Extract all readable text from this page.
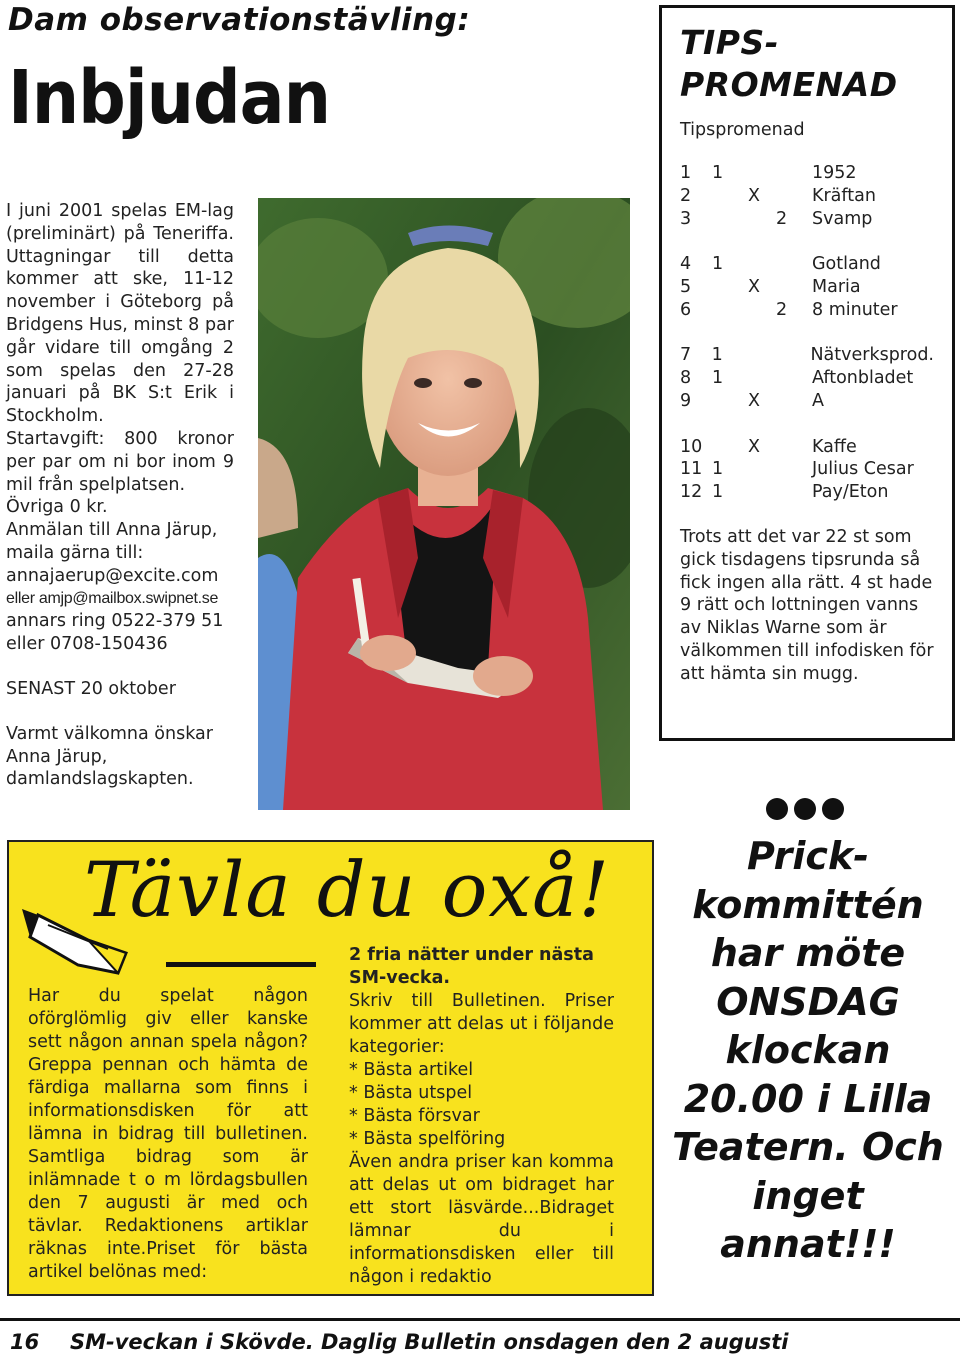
Dam observationstävling:
Inbjudan

I juni 2001 spelas EM-lag (preliminärt) på Teneriffa. Uttagningar till detta kommer att ske, 11-12 november i Göteborg på Bridgens Hus, minst 8 par går vidare till omgång 2 som spelas den 27-28 januari på BK S:t Erik i Stockholm.

Startavgift: 800 kronor per par om ni bor inom 9 mil från spelplatsen.

Övriga 0 kr.

Anmälan till Anna Järup, maila gärna till:

annajaerup@excite.com

eller amjp@mailbox.swipnet.se

annars ring 0522-379 51

eller 0708-150436

SENAST 20 oktober

Varmt välkomna önskar Anna Järup, damlandslagskapten.

TIPS-
PROMENAD
Tipspromenad
1	1	1952
2	X	Kräftan
3	2	Svamp
4	1	Gotland
5	X	Maria
6	2	8 minuter
7	1	Nätverksprod.
8	1	Aftonbladet
9	X	A
10	X	Kaffe
11 1	Julius Cesar
12 1	Pay/Eton
Trots att det var 22 st som gick tisdagens tipsrunda så fick ingen alla rätt. 4 st hade 9 rätt och lottningen vanns av Niklas Warne som är välkommen till infodisken för att hämta sin mugg.
Tävla du oxå!
Har du spelat någon oförglömlig giv eller kanske sett någon annan spela någon? Greppa pennan och hämta de färdiga mallarna som finns i informationsdisken för att lämna in bidrag till bulletinen. Samtliga bidrag som är inlämnade t o m lördagsbullen den 7 augusti är med och tävlar. Redaktionens artiklar räknas inte.Priset för bästa artikel belönas med:
2 fria nätter under nästa SM-vecka.
Skriv till Bulletinen. Priser kommer att delas ut i följande kategorier:
* Bästa artikel
* Bästa utspel
* Bästa försvar
* Bästa spelföring
Även andra priser kan komma att delas ut om bidraget har ett stort läsvärde...Bidraget lämnar du i informationsdisken eller till någon i redaktio
Prick-kommittén har möte ONSDAG klockan 20.00 i Lilla Teatern. Och inget annat!!!
16	SM-veckan i Skövde. Daglig Bulletin onsdagen den 2 augusti
